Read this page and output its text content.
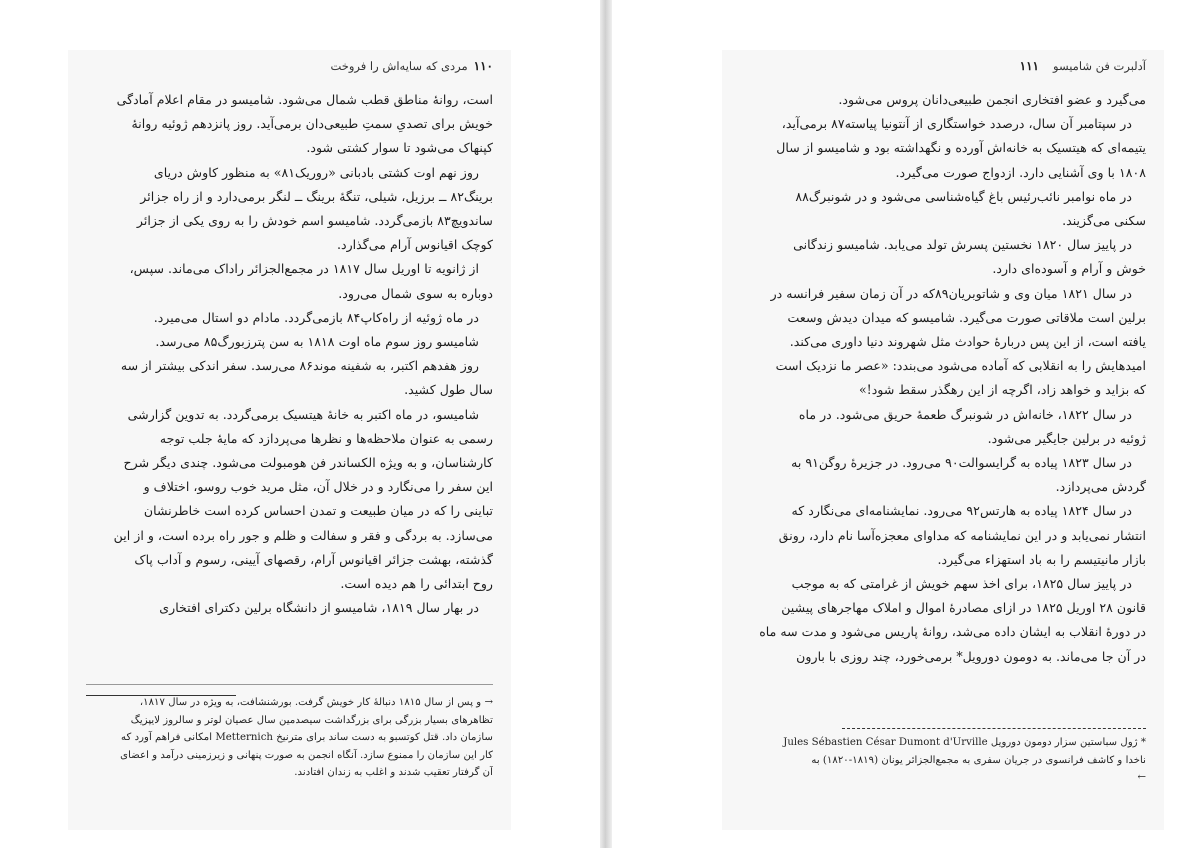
۱۱۰
مردی که سایه‌اش را فروخت

است، روانهٔ مناطق قطب شمال می‌شود. شامیسو در مقام اعلام آمادگی

خویش برای تصدیِ سمتِ طبیعی‌دان برمی‌آید. روز پانزدهم ژوئیه روانهٔ

کپنهاک می‌شود تا سوار کشتی شود.

روز نهم اوت کشتی بادبانی «روریک۸۱» به منظور کاوش دریای

برینگ۸۲ ــ برزیل، شیلی، تنگهٔ برینگ ــ لنگر برمی‌دارد و از راه جزائر

ساندویچ۸۳ بازمی‌گردد. شامیسو اسم خودش را به روی یکی از جزائر

کوچک اقیانوس آرام می‌گذارد.

از ژانویه تا اوریل سال ۱۸۱۷ در مجمع‌الجزائر راداک می‌ماند. سپس،

دوباره به سوی شمال می‌رود.

در ماه ژوئیه از راه‌کاپ۸۴ بازمی‌گردد. مادام دو استال می‌میرد.

شامیسو روز سوم ماه اوت ۱۸۱۸ به سن پترزبورگ۸۵ می‌رسد.

روز هفدهم اکتبر، به شفینه موند۸۶ می‌رسد. سفر اندکی بیشتر از سه

سال طول کشید.

شامیسو، در ماه اکتبر به خانهٔ هیتسیک برمی‌گردد. به تدوین گزارشی

رسمی به عنوان ملاحظه‌ها و نظرها می‌پردازد که مایهٔ جلب توجه

کارشناسان، و به ویژه الکساندر فن هومبولت می‌شود. چندی دیگر شرح

این سفر را می‌نگارد و در خلال آن، مثل مرید خوب روسو، اختلاف و

تباینی را که در میان طبیعت و تمدن احساس کرده است خاطرنشان

می‌سازد. به بردگی و فقر و سفالت و ظلم و جور راه برده است، و از این

گذشته، بهشت جزائر اقیانوس آرام، رقصهای آیینی، رسوم و آداب پاک

روح ابتدائی را هم دیده است.

در بهار سال ۱۸۱۹، شامیسو از دانشگاه برلین دکترای افتخاری

→ و پس از سال ۱۸۱۵ دنبالهٔ کار خویش گرفت. بورشنشافت، به ویژه در سال ۱۸۱۷،

تظاهرهای بسیار بزرگی برای بزرگداشت سیصدمین سال عصیان لوتر و سالروز لایپزیگ

سازمان داد. قتل کوتسبو به دست ساند برای مترنیخ Metternich امکانی فراهم آورد که

کار این سازمان را ممنوع سازد. آنگاه انجمن به صورت پنهانی و زیرزمینی درآمد و اعضای

آن گرفتار تعقیب شدند و اغلب به زندان افتادند.

آدلبرت فن شامیسو
۱۱۱

می‌گیرد و عضو افتخاری انجمن طبیعی‌دانان پروس می‌شود.

در سپتامبر آن سال، درصدد خواستگاری از آنتونیا پیاسته۸۷ برمی‌آید،

یتیمه‌ای که هیتسیک به خانه‌اش آورده و نگهداشته بود و شامیسو از سال

۱۸۰۸ با وی آشنایی دارد. ازدواج صورت می‌گیرد.

در ماه نوامبر نائب‌رئیس باغ گیاه‌شناسی می‌شود و در شونبرگ۸۸

سکنی می‌گزیند.

در پاییز سال ۱۸۲۰ نخستین پسرش تولد می‌یابد. شامیسو زندگانی

خوش و آرام و آسوده‌ای دارد.

در سال ۱۸۲۱ میان وی و شاتوبریان۸۹که در آن زمان سفیر فرانسه در

برلین است ملاقاتی صورت می‌گیرد. شامیسو که میدان دیدش وسعت

یافته است، از این پس دربارهٔ حوادث مثل شهروند دنیا داوری می‌کند.

امیدهایش را به انقلابی که آماده می‌شود می‌بندد: «عصر ما نزدیک است

که بزاید و خواهد زاد، اگرچه از این رهگذر سقط شود!»

در سال ۱۸۲۲، خانه‌اش در شونبرگ طعمهٔ حریق می‌شود. در ماه

ژوئیه در برلین جایگیر می‌شود.

در سال ۱۸۲۳ پیاده به گرایسوالت۹۰ می‌رود. در جزیرهٔ روگن۹۱ به

گردش می‌پردازد.

در سال ۱۸۲۴ پیاده به هارتس۹۲ می‌رود. نمایشنامه‌ای می‌نگارد که

انتشار نمی‌یابد و در این نمایشنامه که مداوای معجزه‌آسا نام دارد، رونق

بازار مانیتیسم را به باد استهزاء می‌گیرد.

در پاییز سال ۱۸۲۵، برای اخذ سهم خویش از غرامتی که به موجب

قانون ۲۸ اوریل ۱۸۲۵ در ازای مصادرهٔ اموال و املاک مهاجرهای پیشین

در دورهٔ انقلاب به ایشان داده می‌شد، روانهٔ پاریس می‌شود و مدت سه ماه

در آن جا می‌ماند. به دومون دورویل* برمی‌خورد، چند روزی با بارون

* ژول سباستین سزار دومون دورویل Jules Sébastien César Dumont d'Urville

ناخدا و کاشف فرانسوی در جریان سفری به مجمع‌الجزائر یونان (۱۸۱۹-۱۸۲۰) به

←
